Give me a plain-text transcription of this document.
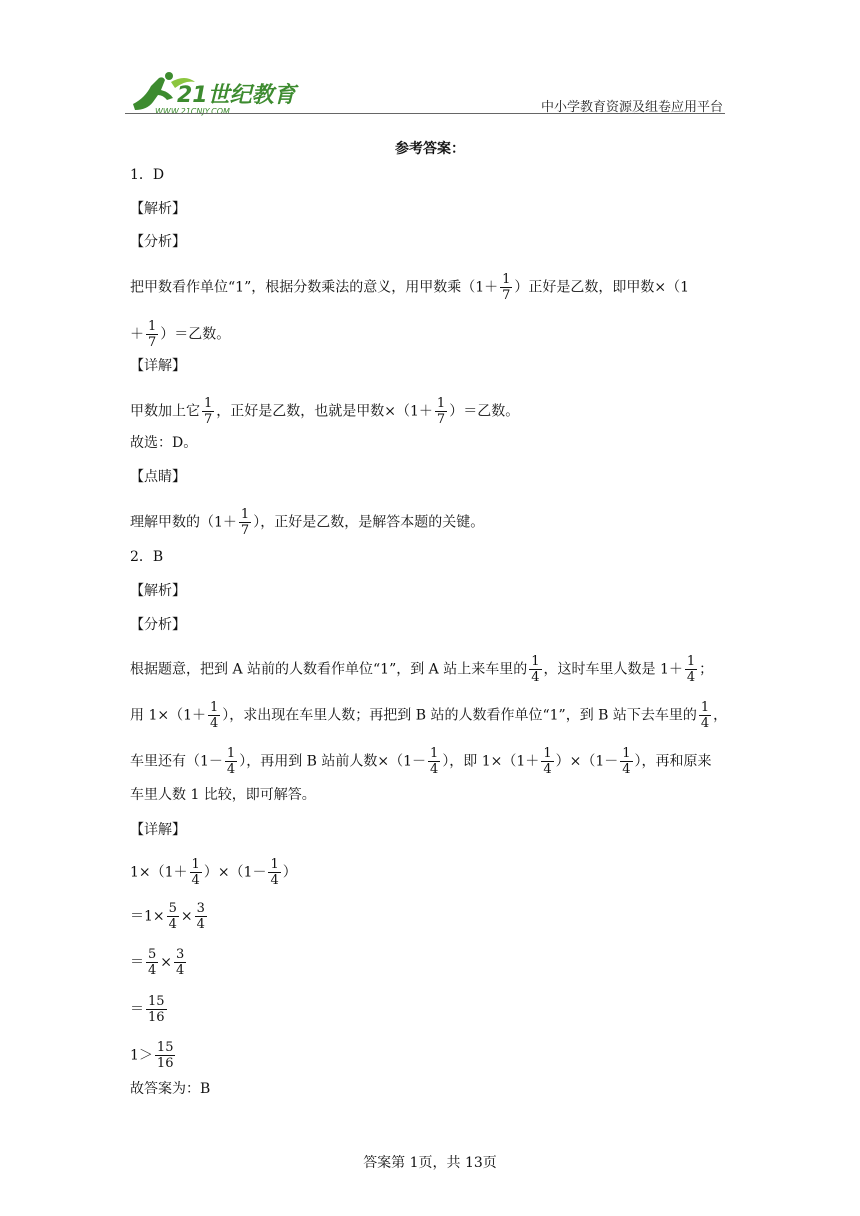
21世纪教育
WWW.21CNJY.COM	中小学教育资源及组卷应用平台
参考答案：
1．D
【解析】
【分析】
把甲数看作单位“1”，根据分数乘法的意义，用甲数乘（$1+ \frac{1}{7}$ ）正好是乙数，即甲数×（1
＋ $\frac{1}{7}$ ）＝乙数。
【详解】
甲数加上它 $\frac{1}{7}$ ，正好是乙数，也就是甲数$\times(1+ \frac{1}{7}$ ）＝乙数。
故选：D。
【点睛】
理解甲数的（$1+ \frac{1}{7}$ ），正好是乙数，是解答本题的关键。
2．B
【解析】
【分析】
根据题意，把到 A 站前的人数看作单位“1”，到 A 站上来车里的 $\frac{1}{4}$ ，这时车里人数是 $1+ \frac{1}{4}$ ；
用 $1\times(1+ \frac{1}{4}$ ），求出现在车里人数；再把到 B 站的人数看作单位“1”，到 B 站下去车里的 $\frac{1}{4}$ ，
车里还有（$1- \frac{1}{4}$ ），再用到 B 站前人数$\times(1- \frac{1}{4}$ ），即 $1\times(1+ \frac{1}{4} )\times(1- \frac{1}{4}$ ），再和原来
车里人数 1 比较，即可解答。
【详解】
$1\times(1+ \frac{1}{4} )\times(1- \frac{1}{4}$ ）
$=1\times \frac{5}{4} \times \frac{3}{4}$
＝ $\frac{5}{4} \times \frac{3}{4}$
＝ $\frac{15}{16}$
$1> \frac{15}{16}$
故答案为：B
答案第 1页，共 13页
